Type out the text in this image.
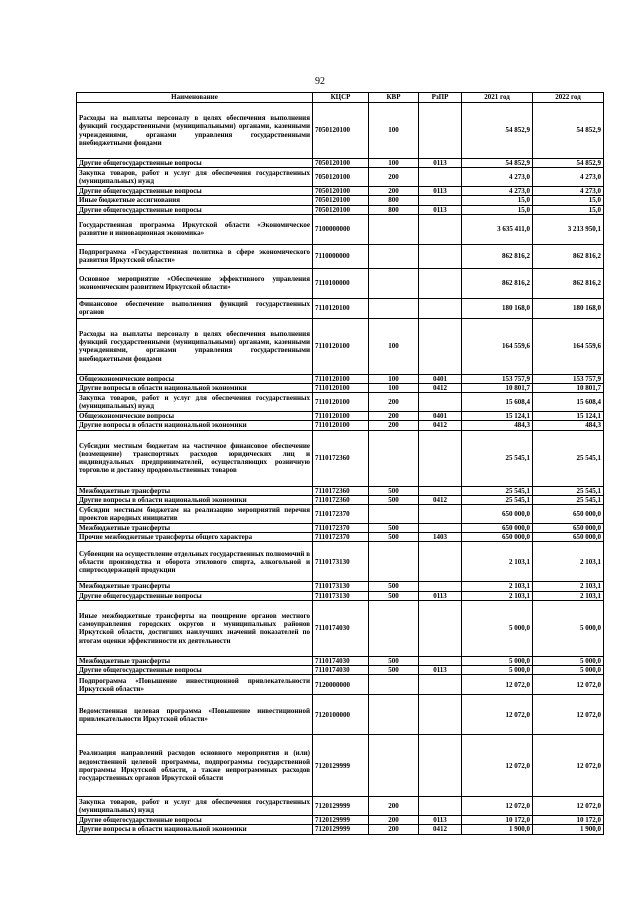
92
Наименование	КЦСР	КВР	РзПР	2021 год	2022 год
Расходы на выплаты персоналу в целях обеспечения выполнения функций государственными (муниципальными) органами, казенными учреждениями, органами управления государственными внебюджетными фондами	7050120100	100		54 852,9	54 852,9
Другие общегосударственные вопросы	7050120100	100	0113	54 852,9	54 852,9
Закупка товаров, работ и услуг для обеспечения государственных (муниципальных) нужд	7050120100	200		4 273,0	4 273,0
Другие общегосударственные вопросы	7050120100	200	0113	4 273,0	4 273,0
Иные бюджетные ассигнования	7050120100	800		15,0	15,0
Другие общегосударственные вопросы	7050120100	800	0113	15,0	15,0
Государственная программа Иркутской области «Экономическое развитие и инновационная экономика»	7100000000			3 635 411,0	3 213 950,1
Подпрограмма «Государственная политика в сфере экономического развития Иркутской области»	7110000000			862 816,2	862 816,2
Основное мероприятие «Обеспечение эффективного управления экономическим развитием Иркутской области»	7110100000			862 816,2	862 816,2
Финансовое обеспечение выполнения функций государственных органов	7110120100			180 168,0	180 168,0
Расходы на выплаты персоналу в целях обеспечения выполнения функций государственными (муниципальными) органами, казенными учреждениями, органами управления государственными внебюджетными фондами	7110120100	100		164 559,6	164 559,6
Общеэкономические вопросы	7110120100	100	0401	153 757,9	153 757,9
Другие вопросы в области национальной экономики	7110120100	100	0412	10 801,7	10 801,7
Закупка товаров, работ и услуг для обеспечения государственных (муниципальных) нужд	7110120100	200		15 608,4	15 608,4
Общеэкономические вопросы	7110120100	200	0401	15 124,1	15 124,1
Другие вопросы в области национальной экономики	7110120100	200	0412	484,3	484,3
Субсидии местным бюджетам на частичное финансовое обеспечение (возмещение) транспортных расходов юридических лиц и индивидуальных предпринимателей, осуществляющих розничную торговлю и доставку продовольственных товаров	7110172360			25 545,1	25 545,1
Межбюджетные трансферты	7110172360	500		25 545,1	25 545,1
Другие вопросы в области национальной экономики	7110172360	500	0412	25 545,1	25 545,1
Субсидии местным бюджетам на реализацию мероприятий перечня проектов народных инициатив	7110172370			650 000,0	650 000,0
Межбюджетные трансферты	7110172370	500		650 000,0	650 000,0
Прочие межбюджетные трансферты общего характера	7110172370	500	1403	650 000,0	650 000,0
Субвенции на осуществление отдельных государственных полномочий в области производства и оборота этилового спирта, алкогольной и спиртосодержащей продукции	7110173130			2 103,1	2 103,1
Межбюджетные трансферты	7110173130	500		2 103,1	2 103,1
Другие общегосударственные вопросы	7110173130	500	0113	2 103,1	2 103,1
Иные межбюджетные трансферты на поощрение органов местного самоуправления городских округов и муниципальных районов Иркутской области, достигших наилучших значений показателей по итогам оценки эффективности их деятельности	7110174030			5 000,0	5 000,0
Межбюджетные трансферты	7110174030	500		5 000,0	5 000,0
Другие общегосударственные вопросы	7110174030	500	0113	5 000,0	5 000,0
Подпрограмма «Повышение инвестиционной привлекательности Иркутской области»	7120000000			12 072,0	12 072,0
Ведомственная целевая программа «Повышение инвестиционной привлекательности Иркутской области»	7120100000			12 072,0	12 072,0
Реализация направлений расходов основного мероприятия и (или) ведомственной целевой программы, подпрограммы государственной программы Иркутской области, а также непрограммных расходов государственных органов Иркутской области	7120129999			12 072,0	12 072,0
Закупка товаров, работ и услуг для обеспечения государственных (муниципальных) нужд	7120129999	200		12 072,0	12 072,0
Другие общегосударственные вопросы	7120129999	200	0113	10 172,0	10 172,0
Другие вопросы в области национальной экономики	7120129999	200	0412	1 900,0	1 900,0
